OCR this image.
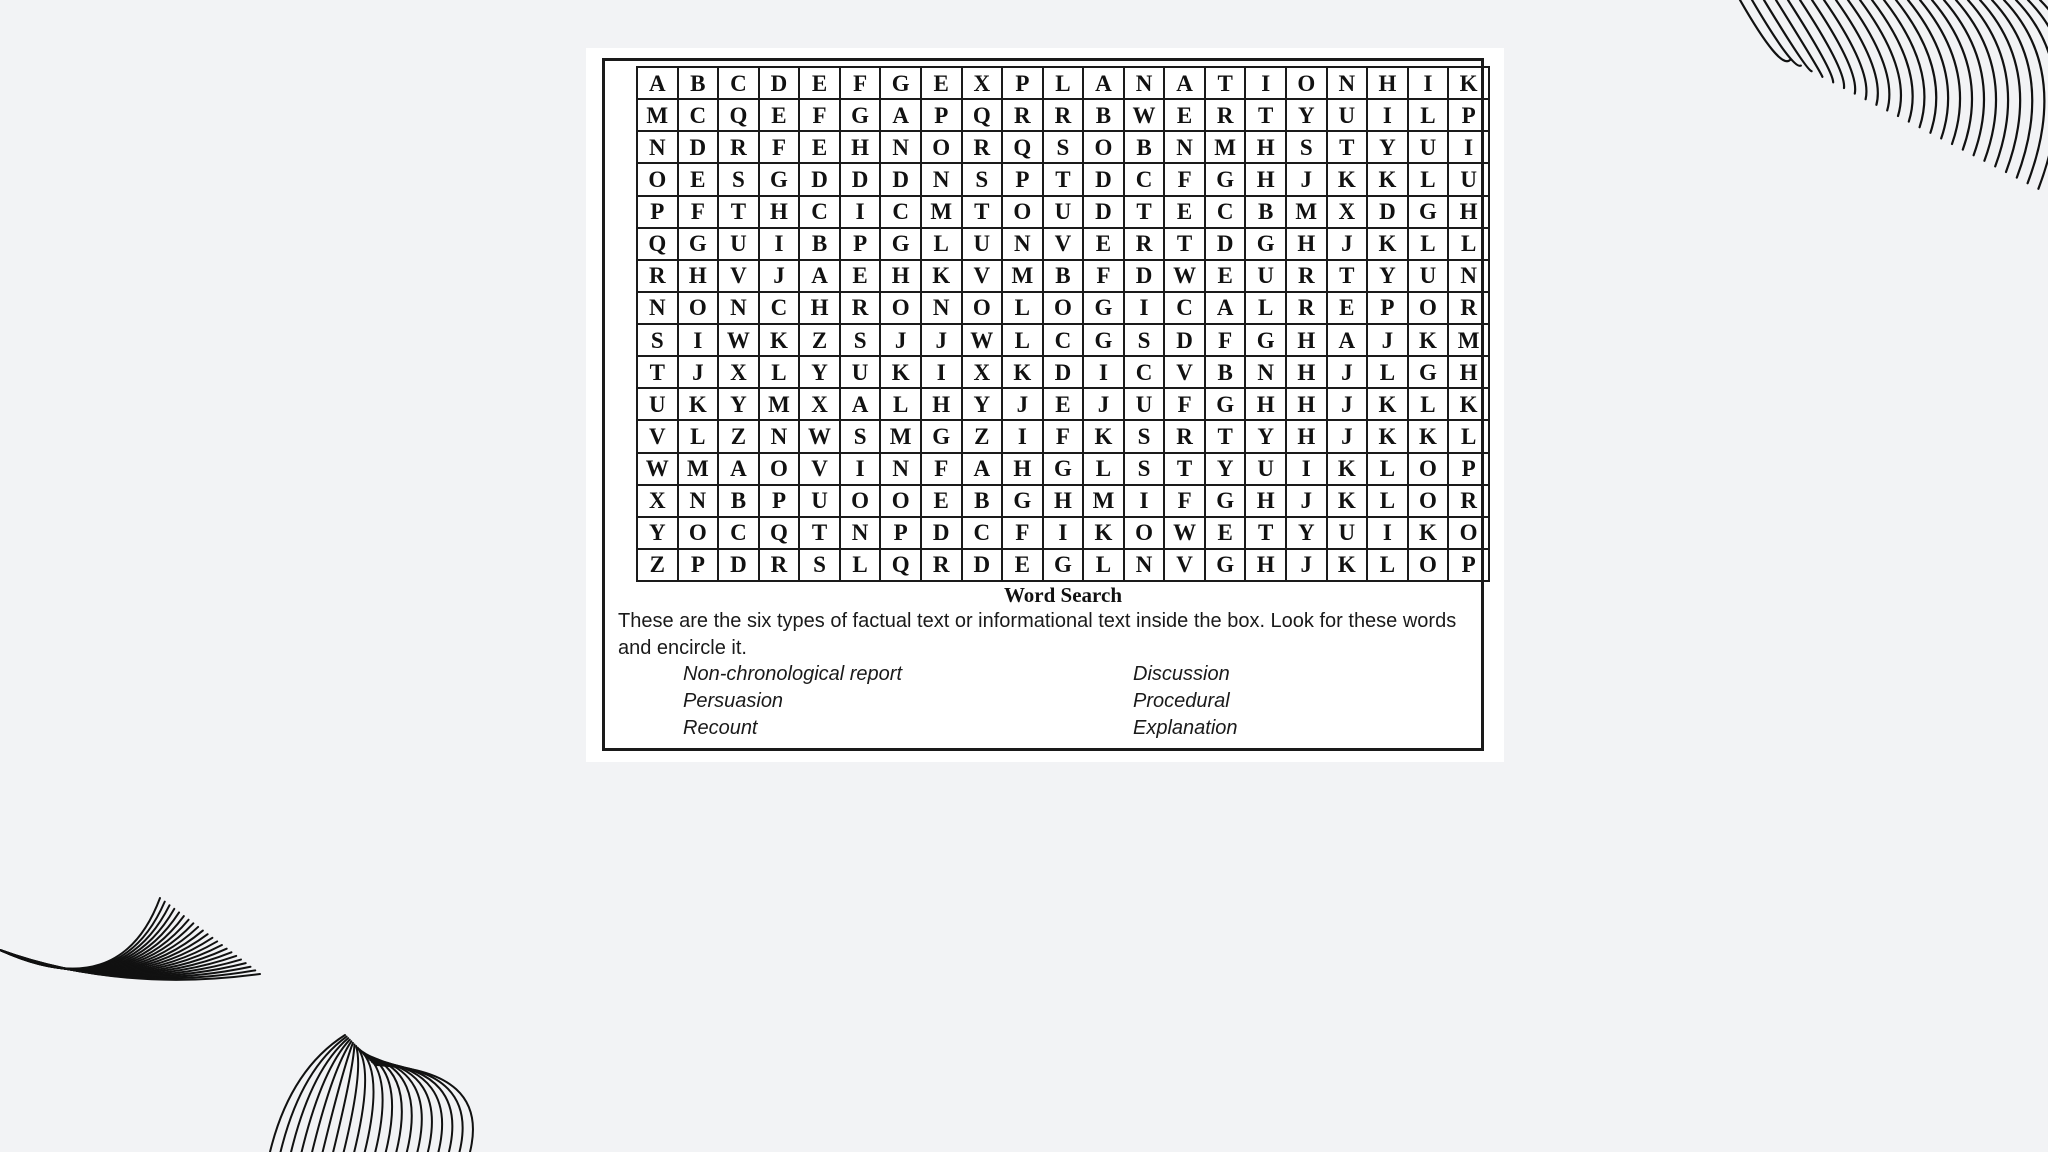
A	B	C	D	E	F	G	E	X	P	L	A	N	A	T	I	O	N	H	I	K
M	C	Q	E	F	G	A	P	Q	R	R	B	W	E	R	T	Y	U	I	L	P
N	D	R	F	E	H	N	O	R	Q	S	O	B	N	M	H	S	T	Y	U	I
O	E	S	G	D	D	D	N	S	P	T	D	C	F	G	H	J	K	K	L	U
P	F	T	H	C	I	C	M	T	O	U	D	T	E	C	B	M	X	D	G	H
Q	G	U	I	B	P	G	L	U	N	V	E	R	T	D	G	H	J	K	L	L
R	H	V	J	A	E	H	K	V	M	B	F	D	W	E	U	R	T	Y	U	N
N	O	N	C	H	R	O	N	O	L	O	G	I	C	A	L	R	E	P	O	R
S	I	W	K	Z	S	J	J	W	L	C	G	S	D	F	G	H	A	J	K	M
T	J	X	L	Y	U	K	I	X	K	D	I	C	V	B	N	H	J	L	G	H
U	K	Y	M	X	A	L	H	Y	J	E	J	U	F	G	H	H	J	K	L	K
V	L	Z	N	W	S	M	G	Z	I	F	K	S	R	T	Y	H	J	K	K	L
W	M	A	O	V	I	N	F	A	H	G	L	S	T	Y	U	I	K	L	O	P
X	N	B	P	U	O	O	E	B	G	H	M	I	F	G	H	J	K	L	O	R
Y	O	C	Q	T	N	P	D	C	F	I	K	O	W	E	T	Y	U	I	K	O
Z	P	D	R	S	L	Q	R	D	E	G	L	N	V	G	H	J	K	L	O	P
Word Search
These are the six types of factual text or informational text inside the box. Look for these words and encircle it.
Non-chronological report
Persuasion
Recount
Discussion
Procedural
Explanation
